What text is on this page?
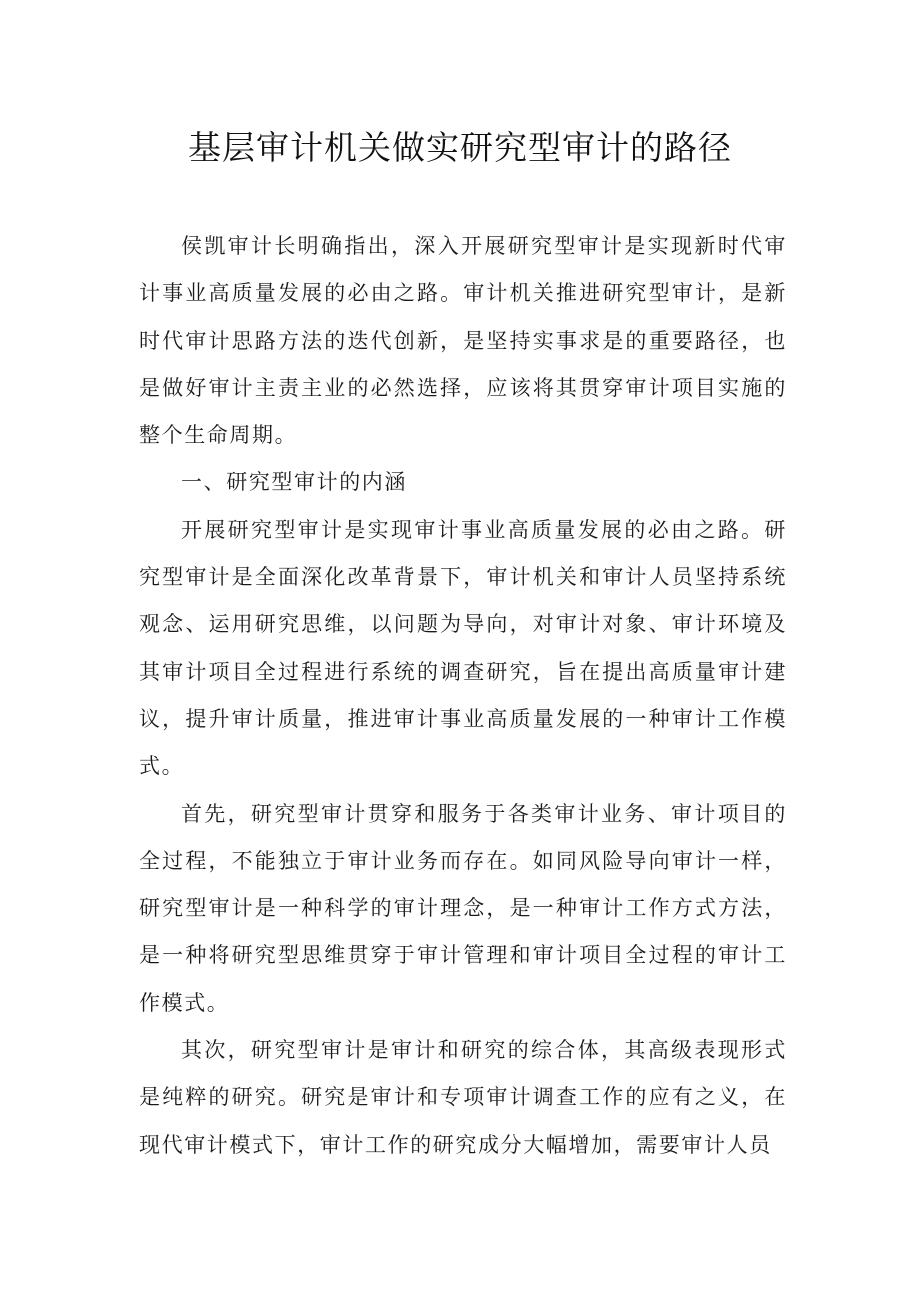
基层审计机关做实研究型审计的路径

侯凯审计长明确指出，深入开展研究型审计是实现新时代审计事业高质量发展的必由之路。审计机关推进研究型审计，是新时代审计思路方法的迭代创新，是坚持实事求是的重要路径，也是做好审计主责主业的必然选择，应该将其贯穿审计项目实施的整个生命周期。

一、研究型审计的内涵

开展研究型审计是实现审计事业高质量发展的必由之路。研究型审计是全面深化改革背景下，审计机关和审计人员坚持系统观念、运用研究思维，以问题为导向，对审计对象、审计环境及其审计项目全过程进行系统的调查研究，旨在提出高质量审计建议，提升审计质量，推进审计事业高质量发展的一种审计工作模式。

首先，研究型审计贯穿和服务于各类审计业务、审计项目的全过程，不能独立于审计业务而存在。如同风险导向审计一样，研究型审计是一种科学的审计理念，是一种审计工作方式方法，是一种将研究型思维贯穿于审计管理和审计项目全过程的审计工作模式。

其次，研究型审计是审计和研究的综合体，其高级表现形式是纯粹的研究。研究是审计和专项审计调查工作的应有之义，在现代审计模式下，审计工作的研究成分大幅增加，需要审计人员
